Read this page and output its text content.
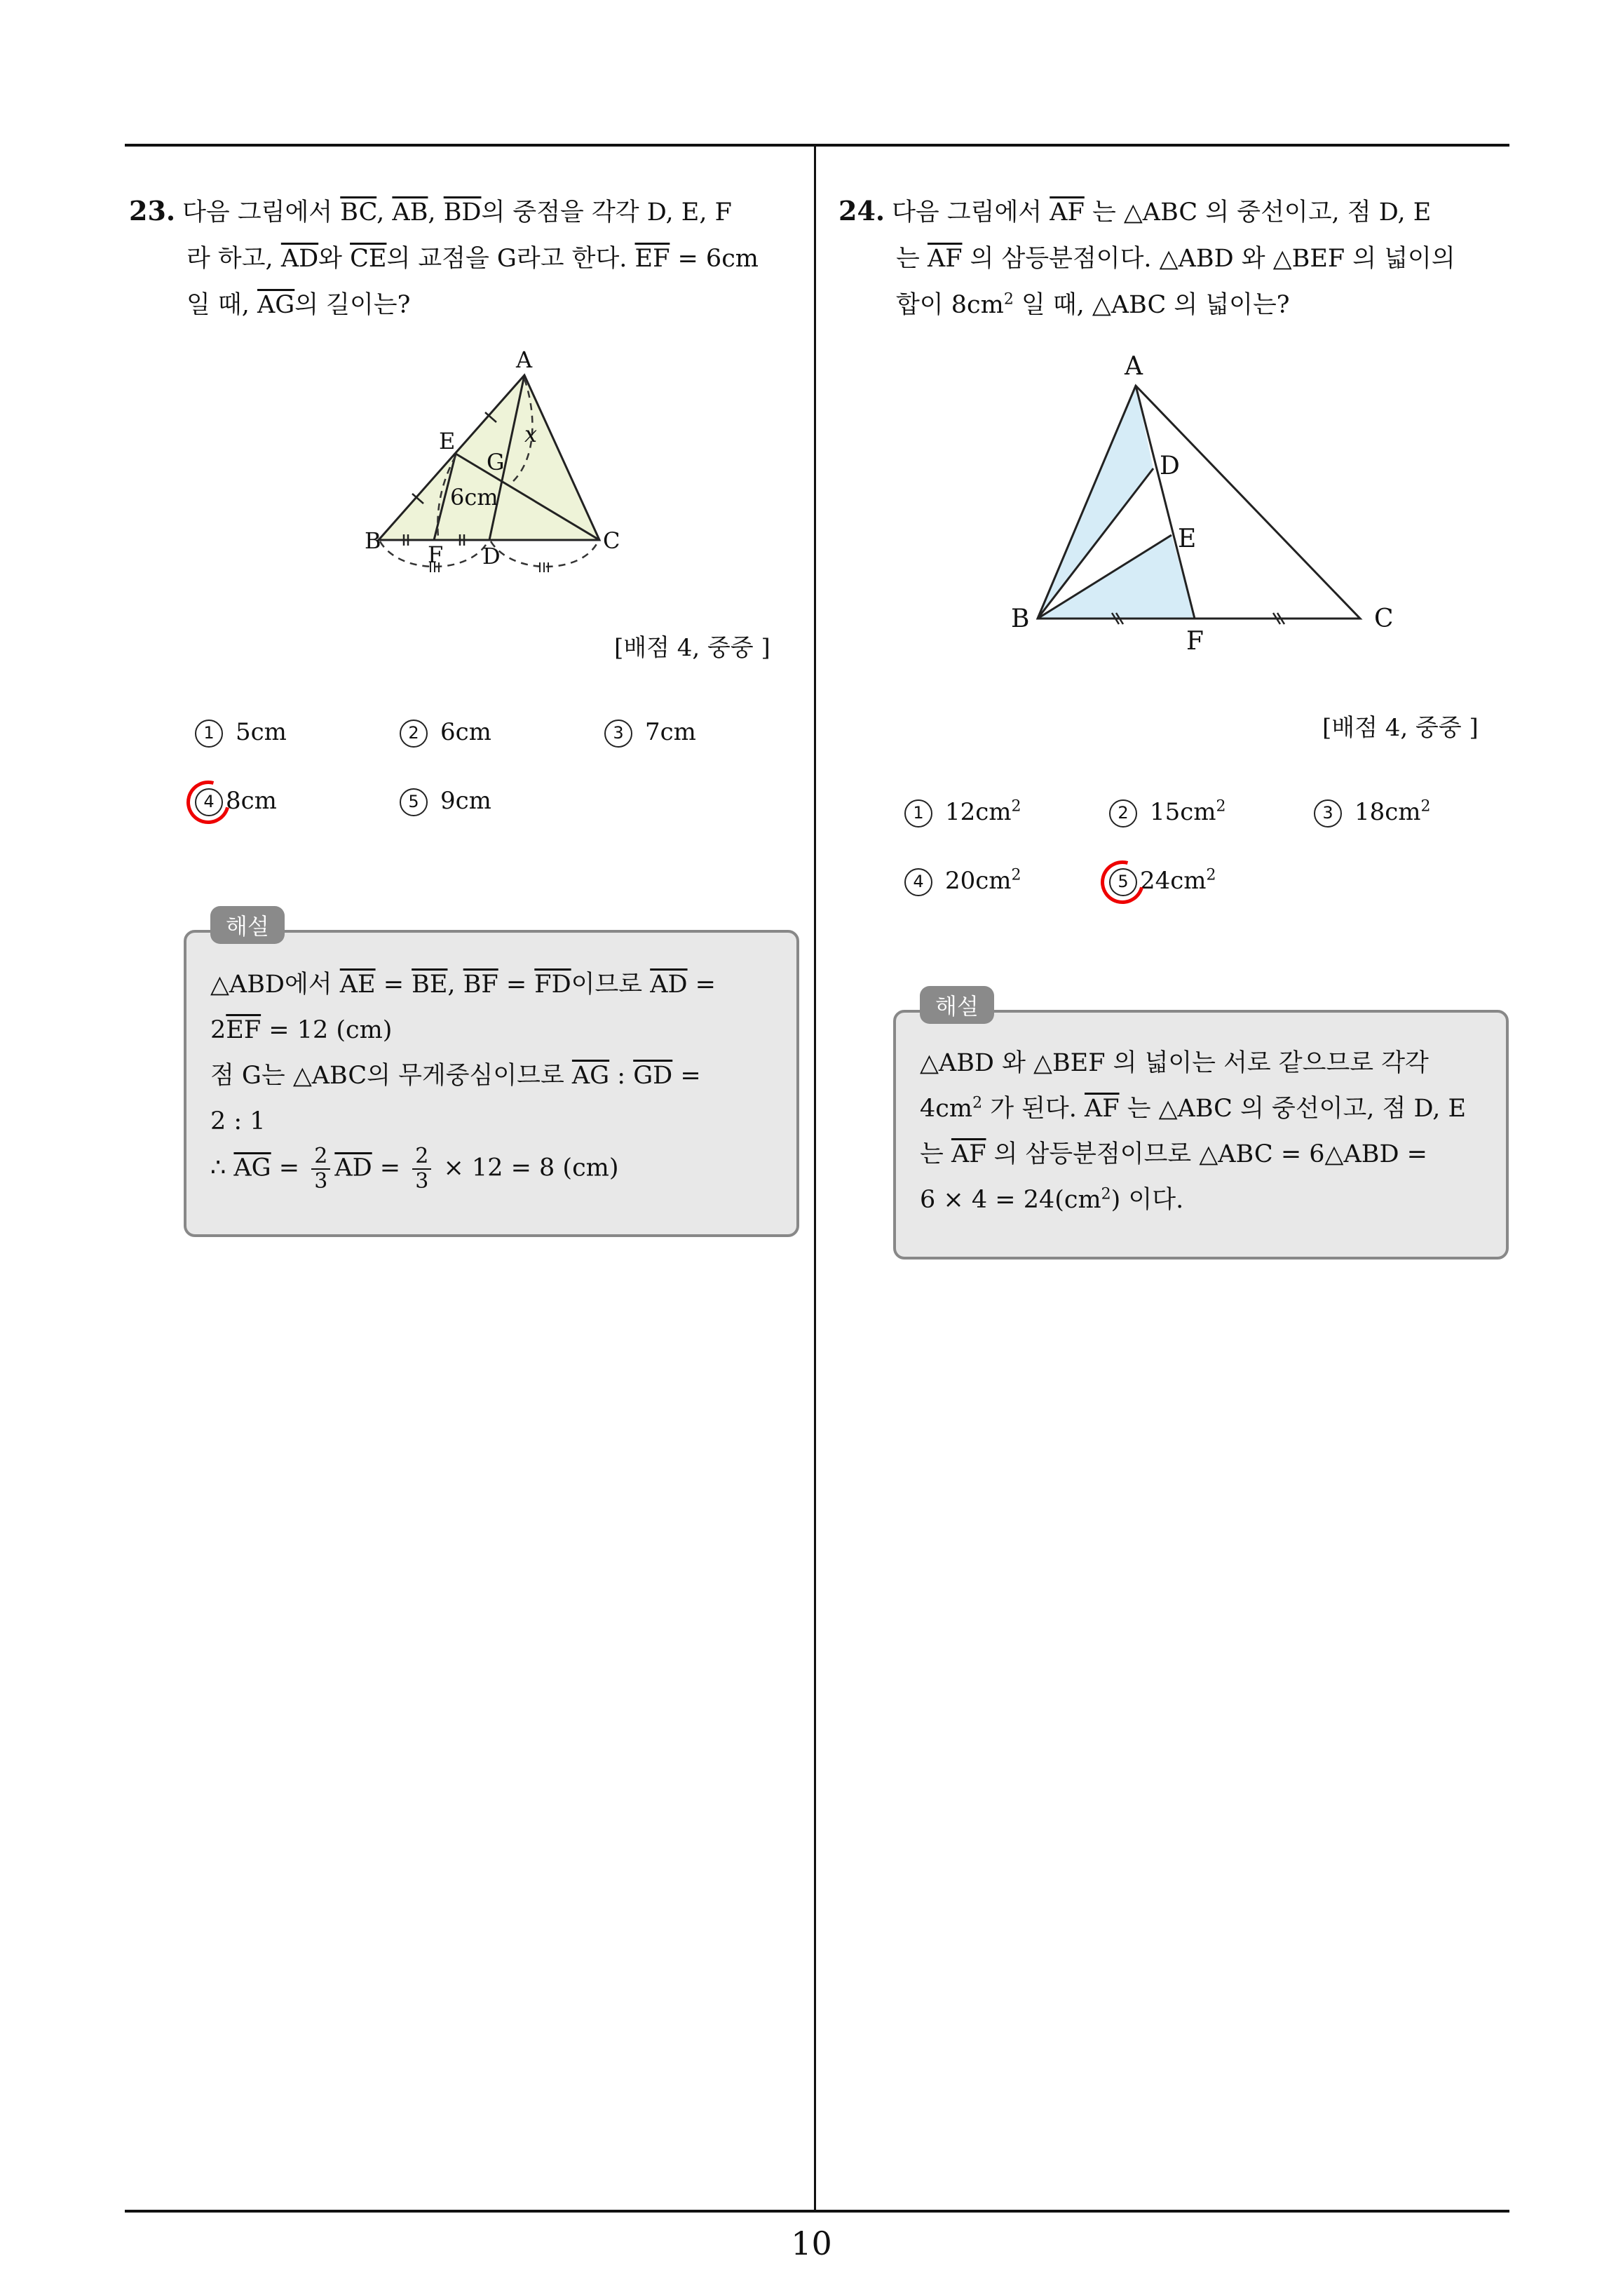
10
23. 다음 그림에서 $\overline{BC}$, $\overline{AB}$, $\overline{BD}$의 중점을 각각 D, E, F
라 하고, $\overline{AD}$와 $\overline{CE}$의 교점을 G라고 한다. $\overline{EF} = 6cm$
일 때, $\overline{AG}$의 길이는?
A
E
G
x
6cm
B
F D
C
[배점 4, 중중 ]
1 5cm	2 6cm	3 7cm
4 8cm	5 9cm
해설
△ABD에서 $\overline{AE} = \overline{BE}$, $\overline{BF} = \overline{FD}$이므로 $\overline{AD}$ =
$2\overline{EF} = 12$ (cm)
점 G는 △ABC의 무게중심이므로 $\overline{AG}$ : $\overline{GD}$ =
2 : 1
∴ $\overline{AG} = \frac{2}{3} \overline{AD} = \frac{2}{3} \times 12 = 8$ (cm)
24. 다음 그림에서 $\overline{AF}$ 는 △ABC 의 중선이고, 점 D, E
는 $\overline{AF}$ 의 삼등분점이다. △ABD 와 △BEF 의 넓이의
합이 $8cm^2$ 일 때, △ABC 의 넓이는?
A
D
E
B
F
C
[배점 4, 중중 ]
1 $12cm^2$	2 $15cm^2$	3 $18cm^2$
4 $20cm^2$	5 $24cm^2$
해설
△ABD 와 △BEF 의 넓이는 서로 같으므로 각각
$4cm^2$ 가 된다. $\overline{AF}$ 는 △ABC 의 중선이고, 점 D, E
는 $\overline{AF}$ 의 삼등분점이므로 △ABC = 6△ABD =
$6 \times 4 = 24(cm^2)$ 이다.
